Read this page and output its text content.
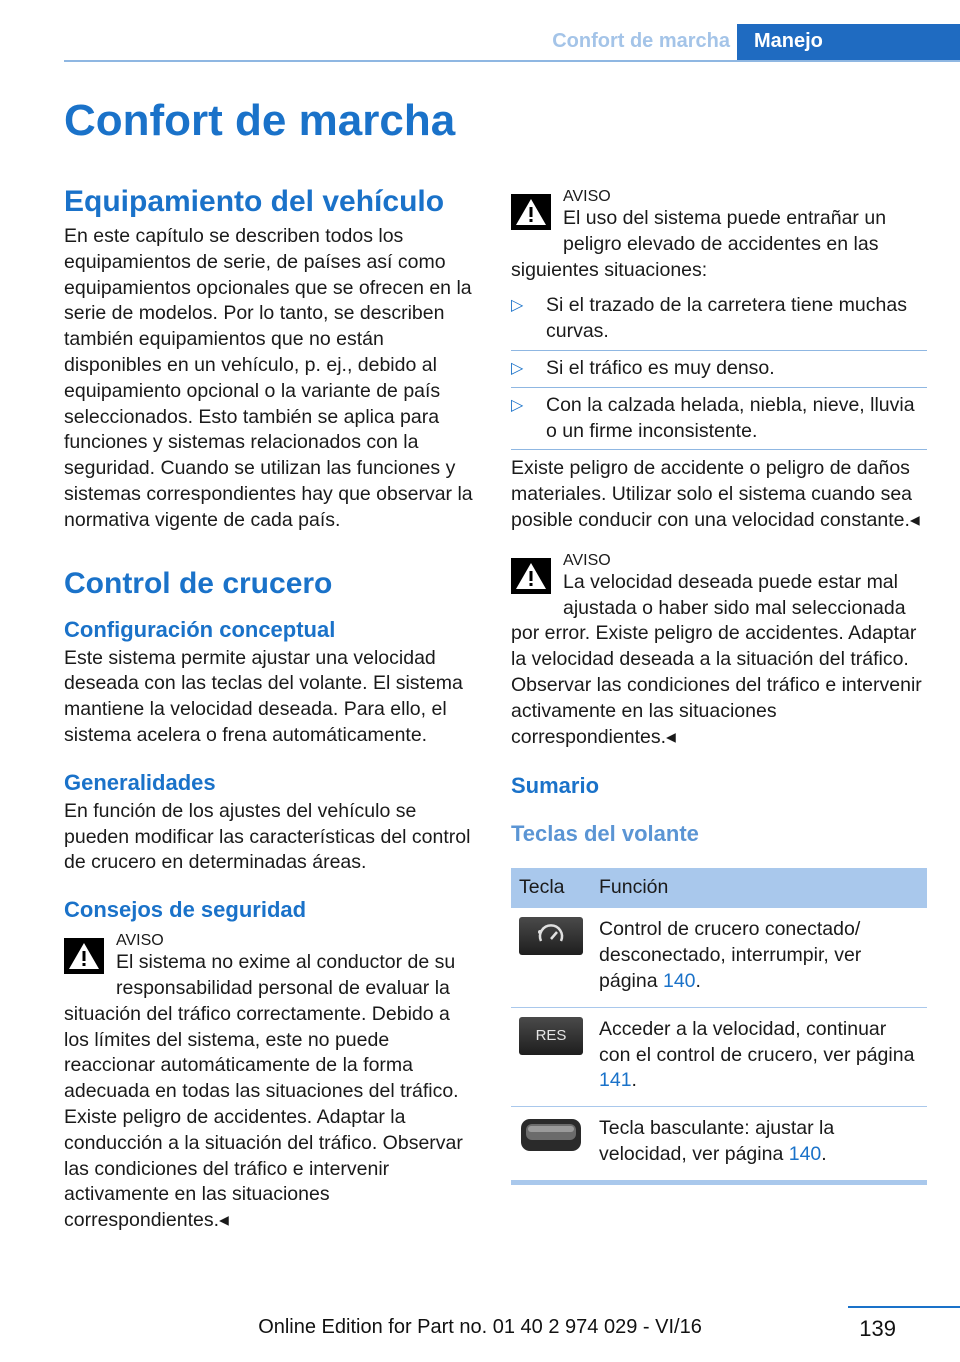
Confort de marcha	Manejo
Confort de marcha
Equipamiento del vehículo

En este capítulo se describen todos los equipamientos de serie, de países así como equipamientos opcionales que se ofrecen en la serie de modelos. Por lo tanto, se describen también equipamientos que no están disponibles en un vehículo, p. ej., debido al equipamiento opcional o la variante de país seleccionados. Esto también se aplica para funciones y sistemas relacionados con la seguridad. Cuando se utilizan las funciones y sistemas correspondientes hay que observar la normativa vigente de cada país.

Control de crucero
Configuración conceptual

Este sistema permite ajustar una velocidad deseada con las teclas del volante. El sistema mantiene la velocidad deseada. Para ello, el sistema acelera o frena automáticamente.

Generalidades

En función de los ajustes del vehículo se pueden modificar las características del control de crucero en determinadas áreas.

Consejos de seguridad
AVISO

El sistema no exime al conductor de su responsabilidad personal de evaluar la situación del tráfico correctamente. Debido a los límites del sistema, este no puede reaccionar automáticamente de la forma adecuada en todas las situaciones del tráfico. Existe peligro de accidentes. Adaptar la conducción a la situación del tráfico. Observar las condiciones del tráfico e intervenir activamente en las situaciones correspondientes.◂

AVISO

El uso del sistema puede entrañar un peligro elevado de accidentes en las siguientes situaciones:

▷ Si el trazado de la carretera tiene muchas curvas.
▷ Si el tráfico es muy denso.
▷ Con la calzada helada, niebla, nieve, lluvia o un firme inconsistente.

Existe peligro de accidente o peligro de daños materiales. Utilizar solo el sistema cuando sea posible conducir con una velocidad constante.◂

AVISO

La velocidad deseada puede estar mal ajustada o haber sido mal seleccionada por error. Existe peligro de accidentes. Adaptar la velocidad deseada a la situación del tráfico. Observar las condiciones del tráfico e intervenir activamente en las situaciones correspondientes.◂

Sumario
Teclas del volante
Tecla	Función

	Control de crucero conectado/ desconectado, interrumpir, ver página 140.

RES	Acceder a la velocidad, continuar con el control de crucero, ver página 141.

	Tecla basculante: ajustar la velocidad, ver página 140.
Online Edition for Part no. 01 40 2 974 029 - VI/16	139
